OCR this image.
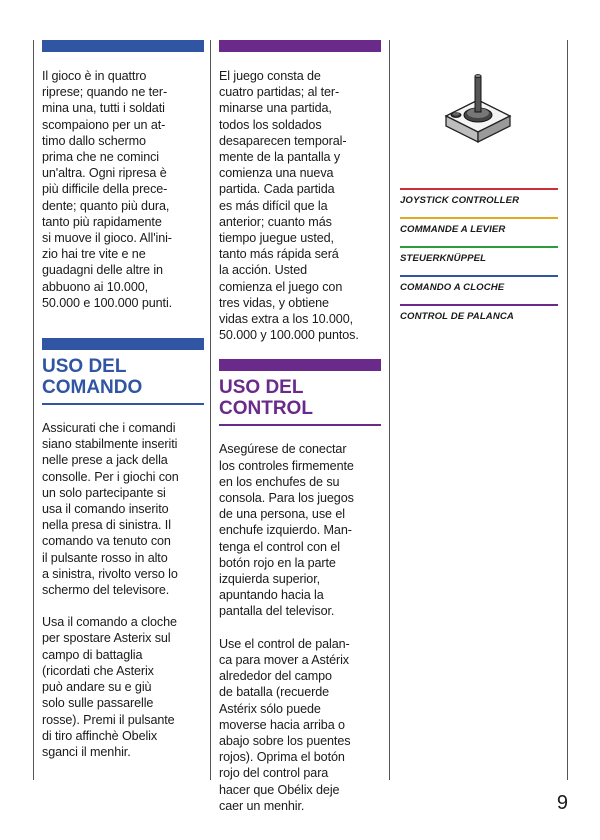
Il gioco è in quattro
riprese; quando ne ter-
mina una, tutti i soldati
scompaiono per un at-
timo dallo schermo
prima che ne cominci
un'altra. Ogni ripresa è
più difficile della prece-
dente; quanto più dura,
tanto più rapidamente
si muove il gioco. All'ini-
zio hai tre vite e ne
guadagni delle altre in
abbuono ai 10.000,
50.000 e 100.000 punti.

USO DEL
COMANDO

Assicurati che i comandi
siano stabilmente inseriti
nelle prese a jack della
consolle. Per i giochi con
un solo partecipante si
usa il comando inserito
nella presa di sinistra. Il
comando va tenuto con
il pulsante rosso in alto
a sinistra, rivolto verso lo
schermo del televisore.

Usa il comando a cloche
per spostare Asterix sul
campo di battaglia
(ricordati che Asterix
può andare su e giù
solo sulle passarelle
rosse). Premi il pulsante
di tiro affinchè Obelix
sganci il menhir.

El juego consta de
cuatro partidas; al ter-
minarse una partida,
todos los soldados
desaparecen temporal-
mente de la pantalla y
comienza una nueva
partida. Cada partida
es más difícil que la
anterior; cuanto más
tiempo juegue usted,
tanto más rápida será
la acción. Usted
comienza el juego con
tres vidas, y obtiene
vidas extra a los 10.000,
50.000 y 100.000 puntos.

USO DEL
CONTROL

Asegúrese de conectar
los controles firmemente
en los enchufes de su
consola. Para los juegos
de una persona, use el
enchufe izquierdo. Man-
tenga el control con el
botón rojo en la parte
izquierda superior,
apuntando hacia la
pantalla del televisor.

Use el control de palan-
ca para mover a Astérix
alrededor del campo
de batalla (recuerde
Astérix sólo puede
moverse hacia arriba o
abajo sobre los puentes
rojos). Oprima el botón
rojo del control para
hacer que Obélix deje
caer un menhir.

JOYSTICK CONTROLLER
COMMANDE A LEVIER
STEUERKNÜPPEL
COMANDO A CLOCHE
CONTROL DE PALANCA
9
